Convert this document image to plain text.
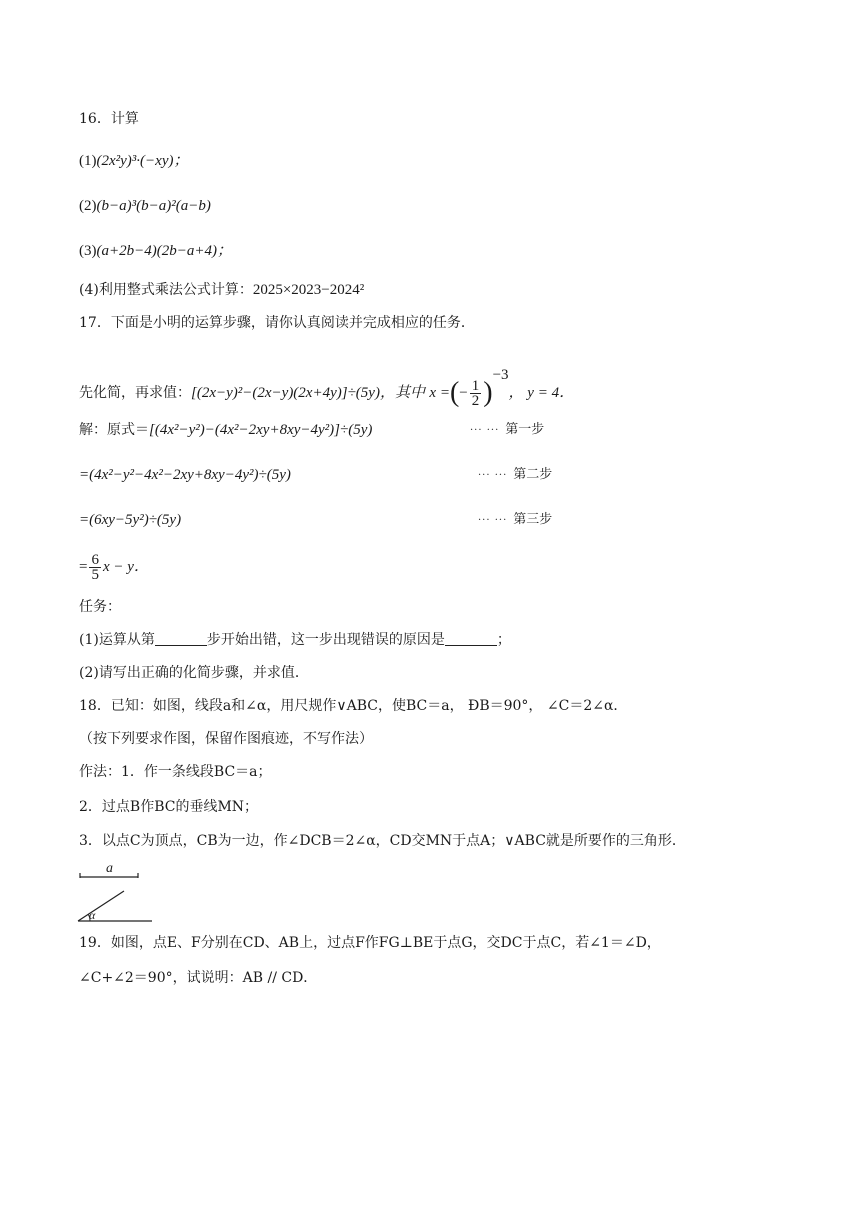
16．计算
(1)(2x²y)³·(−xy)；
(2)(b−a)³(b−a)²(a−b)
(3)(a+2b−4)(2b−a+4)；
(4)利用整式乘法公式计算：2025×2023−2024²
17．下面是小明的运算步骤，请你认真阅读并完成相应的任务．
先化简，再求值：[(2x−y)²−(2x−y)(2x+4y)]÷(5y)，其中 x =(− $\frac{1}{2} )^{-3}$， y = 4．
解：原式＝[(4x²−y²)−(4x²−2xy+8xy−4y²)]÷(5y)	··· ··· 第一步
=(4x²−y²−4x²−2xy+8xy−4y²)÷(5y)	··· ··· 第二步
=(6xy−5y²)÷(5y)	··· ··· 第三步
= $\frac{6}{5}$ x − y．
任务：
(1)运算从第	步开始出错，这一步出现错误的原因是	；
(2)请写出正确的化简步骤，并求值．
18．已知：如图，线段a和∠α，用尺规作∨ABC，使BC＝a， ÐB＝90°， ∠C＝2∠α．
（按下列要求作图，保留作图痕迹，不写作法）
作法：1．作一条线段BC＝a；
2．过点B作BC的垂线MN；
3．以点C为顶点，CB为一边，作∠DCB＝2∠α，CD交MN于点A；∨ABC就是所要作的三角形．
a
α
19．如图，点E、F分别在CD、AB上，过点F作FG⊥BE于点G，交DC于点C，若∠1＝∠D，
∠C+∠2＝90°，试说明：AB // CD．
